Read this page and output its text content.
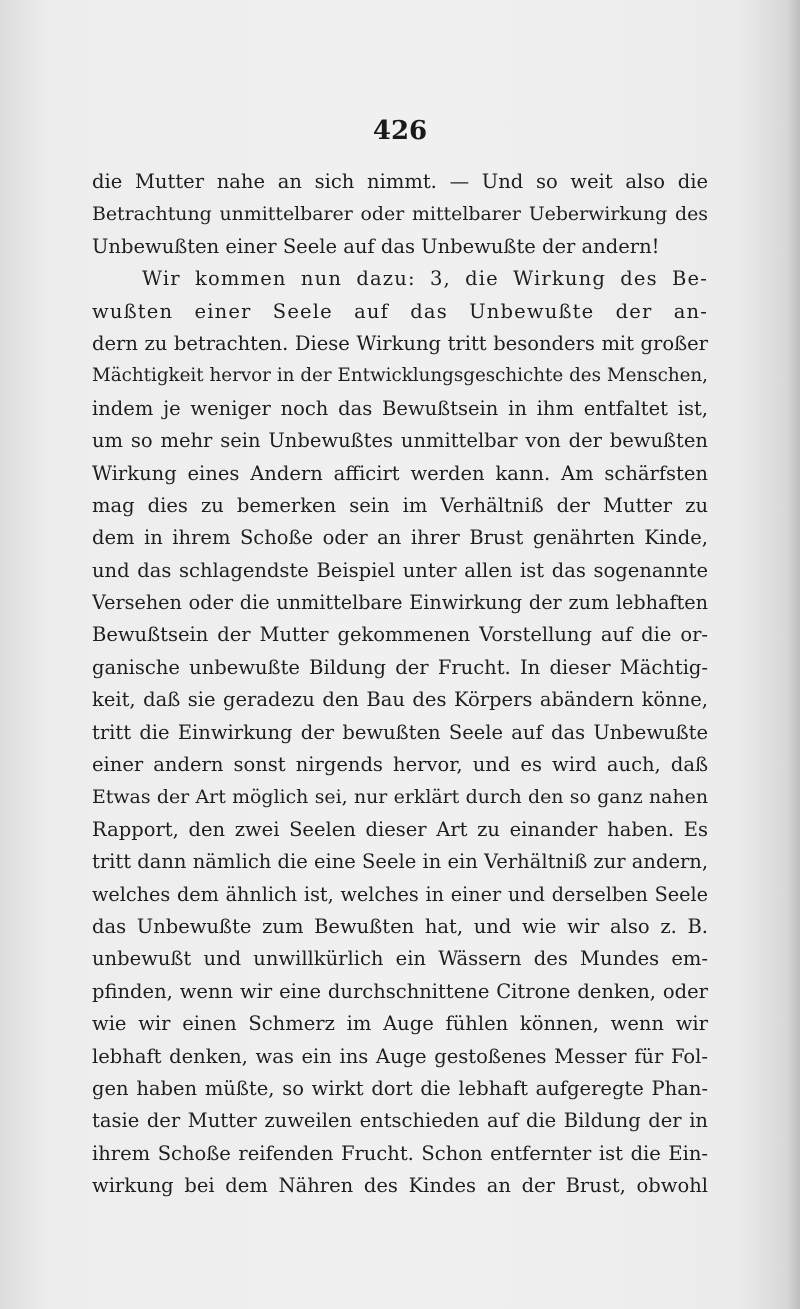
426
die Mutter nahe an sich nimmt. — Und so weit also die
Betrachtung unmittelbarer oder mittelbarer Ueberwirkung des
Unbewußten einer Seele auf das Unbewußte der andern!
Wir kommen nun dazu: 3, die Wirkung des Be-
wußten einer Seele auf das Unbewußte der an-
dern zu betrachten. Diese Wirkung tritt besonders mit großer
Mächtigkeit hervor in der Entwicklungsgeschichte des Menschen,
indem je weniger noch das Bewußtsein in ihm entfaltet ist,
um so mehr sein Unbewußtes unmittelbar von der bewußten
Wirkung eines Andern afficirt werden kann. Am schärfsten
mag dies zu bemerken sein im Verhältniß der Mutter zu
dem in ihrem Schoße oder an ihrer Brust genährten Kinde,
und das schlagendste Beispiel unter allen ist das sogenannte
Versehen oder die unmittelbare Einwirkung der zum lebhaften
Bewußtsein der Mutter gekommenen Vorstellung auf die or-
ganische unbewußte Bildung der Frucht. In dieser Mächtig-
keit, daß sie geradezu den Bau des Körpers abändern könne,
tritt die Einwirkung der bewußten Seele auf das Unbewußte
einer andern sonst nirgends hervor, und es wird auch, daß
Etwas der Art möglich sei, nur erklärt durch den so ganz nahen
Rapport, den zwei Seelen dieser Art zu einander haben. Es
tritt dann nämlich die eine Seele in ein Verhältniß zur andern,
welches dem ähnlich ist, welches in einer und derselben Seele
das Unbewußte zum Bewußten hat, und wie wir also z. B.
unbewußt und unwillkürlich ein Wässern des Mundes em-
pfinden, wenn wir eine durchschnittene Citrone denken, oder
wie wir einen Schmerz im Auge fühlen können, wenn wir
lebhaft denken, was ein ins Auge gestoßenes Messer für Fol-
gen haben müßte, so wirkt dort die lebhaft aufgeregte Phan-
tasie der Mutter zuweilen entschieden auf die Bildung der in
ihrem Schoße reifenden Frucht. Schon entfernter ist die Ein-
wirkung bei dem Nähren des Kindes an der Brust, obwohl
